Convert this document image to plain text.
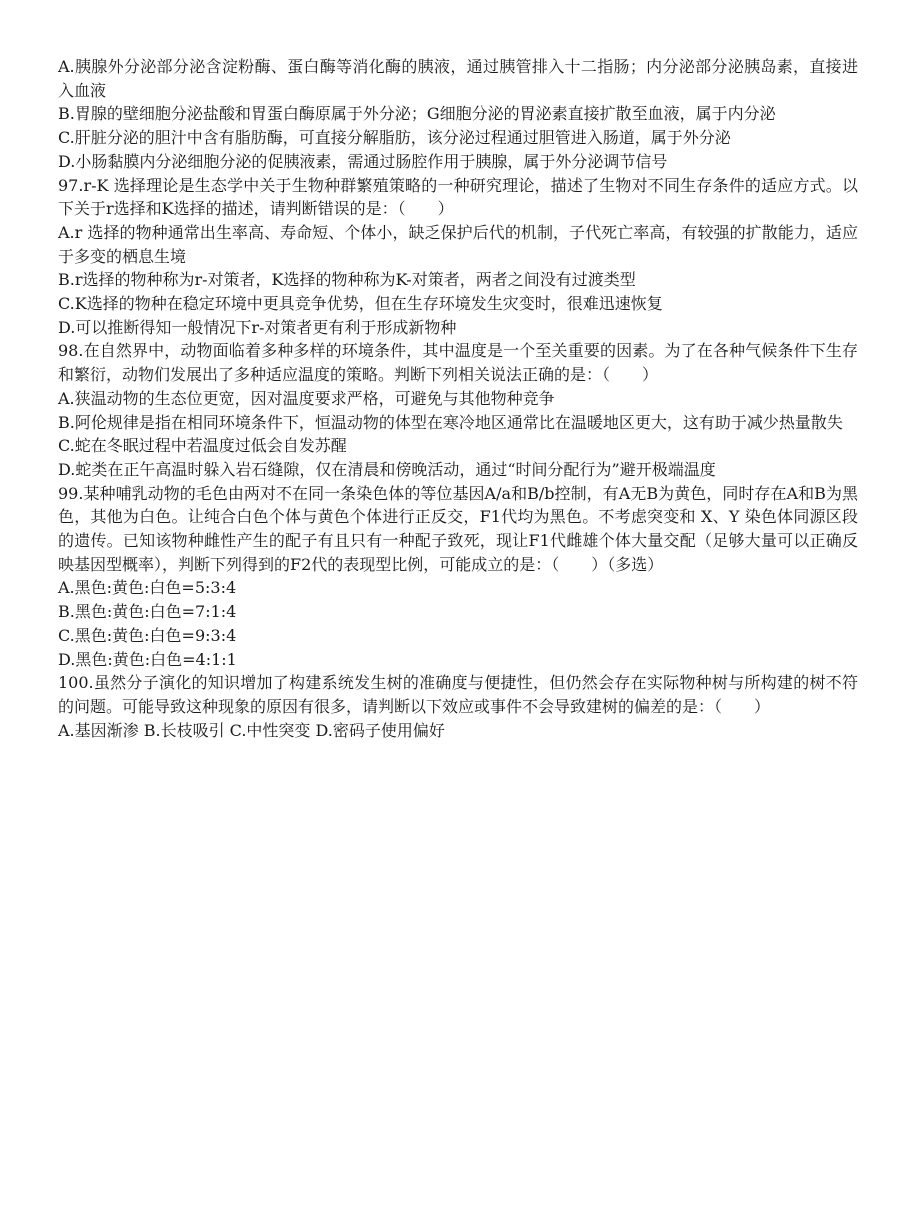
A.胰腺外分泌部分泌含淀粉酶、蛋白酶等消化酶的胰液，通过胰管排入十二指肠；内分泌部分泌胰岛素，直接进入血液

B.胃腺的壁细胞分泌盐酸和胃蛋白酶原属于外分泌；G细胞分泌的胃泌素直接扩散至血液，属于内分泌

C.肝脏分泌的胆汁中含有脂肪酶，可直接分解脂肪，该分泌过程通过胆管进入肠道，属于外分泌

D.小肠黏膜内分泌细胞分泌的促胰液素，需通过肠腔作用于胰腺，属于外分泌调节信号

97.r-K 选择理论是生态学中关于生物种群繁殖策略的一种研究理论，描述了生物对不同生存条件的适应方式。以下关于r选择和K选择的描述，请判断错误的是：（　　）

A.r 选择的物种通常出生率高、寿命短、个体小，缺乏保护后代的机制，子代死亡率高，有较强的扩散能力，适应于多变的栖息生境

B.r选择的物种称为r-对策者，K选择的物种称为K-对策者，两者之间没有过渡类型

C.K选择的物种在稳定环境中更具竞争优势，但在生存环境发生灾变时，很难迅速恢复

D.可以推断得知一般情况下r-对策者更有利于形成新物种

98.在自然界中，动物面临着多种多样的环境条件，其中温度是一个至关重要的因素。为了在各种气候条件下生存和繁衍，动物们发展出了多种适应温度的策略。判断下列相关说法正确的是：（　　）

A.狭温动物的生态位更宽，因对温度要求严格，可避免与其他物种竞争

B.阿伦规律是指在相同环境条件下，恒温动物的体型在寒冷地区通常比在温暖地区更大，这有助于减少热量散失

C.蛇在冬眠过程中若温度过低会自发苏醒

D.蛇类在正午高温时躲入岩石缝隙，仅在清晨和傍晚活动，通过“时间分配行为”避开极端温度

99.某种哺乳动物的毛色由两对不在同一条染色体的等位基因A/a和B/b控制，有A无B为黄色，同时存在A和B为黑色，其他为白色。让纯合白色个体与黄色个体进行正反交，F1代均为黑色。不考虑突变和 X、Y 染色体同源区段的遗传。已知该物种雌性产生的配子有且只有一种配子致死，现让F1代雌雄个体大量交配（足够大量可以正确反映基因型概率），判断下列得到的F2代的表现型比例，可能成立的是：（　　）（多选）

A.黑色:黄色:白色=5:3:4

B.黑色:黄色:白色=7:1:4

C.黑色:黄色:白色=9:3:4

D.黑色:黄色:白色=4:1:1

100.虽然分子演化的知识增加了构建系统发生树的准确度与便捷性，但仍然会存在实际物种树与所构建的树不符的问题。可能导致这种现象的原因有很多，请判断以下效应或事件不会导致建树的偏差的是：（　　）

A.基因渐渗 B.长枝吸引 C.中性突变 D.密码子使用偏好
